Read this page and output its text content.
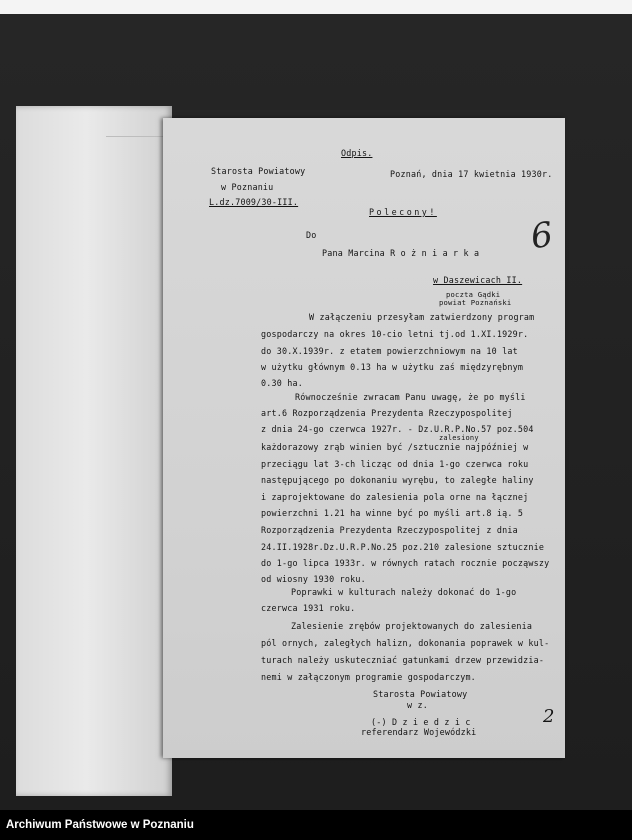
Odpis.
Starosta Powiatowy
w Poznaniu
L.dz.7009/30-III.
Poznań, dnia 17 kwietnia 1930r.
Polecony!
Do
Pana Marcina R o ż n i a r k a 6
w Daszewicach II.
poczta Gądki
powiat Poznański
W załączeniu przesyłam zatwierdzony program
gospodarczy na okres 10-cio letni tj.od 1.XI.1929r.
do 30.X.1939r. z etatem powierzchniowym na 10 lat
w użytku głównym 0.13 ha w użytku zaś międzyrębnym
0.30 ha.
Równocześnie zwracam Panu uwagę, że po myśli
art.6 Rozporządzenia Prezydenta Rzeczypospolitej
z dnia 24-go czerwca 1927r. - Dz.U.R.P.No.57 poz.504
zalesiony
każdorazowy zrąb winien być /sztucznie najpóźniej w
przeciągu lat 3-ch licząc od dnia 1-go czerwca roku
następującego po dokonaniu wyrębu, to zaległe haliny
i zaprojektowane do zalesienia pola orne na łącznej
powierzchni 1.21 ha winne być po myśli art.8 ią. 5
Rozporządzenia Prezydenta Rzeczypospolitej z dnia
24.II.1928r.Dz.U.R.P.No.25 poz.210 zalesione sztucznie
do 1-go lipca 1933r. w równych ratach rocznie począwszy
od wiosny 1930 roku.
Poprawki w kulturach należy dokonać do 1-go
czerwca 1931 roku.
Zalesienie zrębów projektowanych do zalesienia
pól ornych, zaległych halizn, dokonania poprawek w kul-
turach należy uskuteczniać gatunkami drzew przewidzia-
nemi w załączonym programie gospodarczym.
Starosta Powiatowy
w z.
(-) D z i e d z i c
referendarz Wojewódzki
2
Archiwum Państwowe w Poznaniu
